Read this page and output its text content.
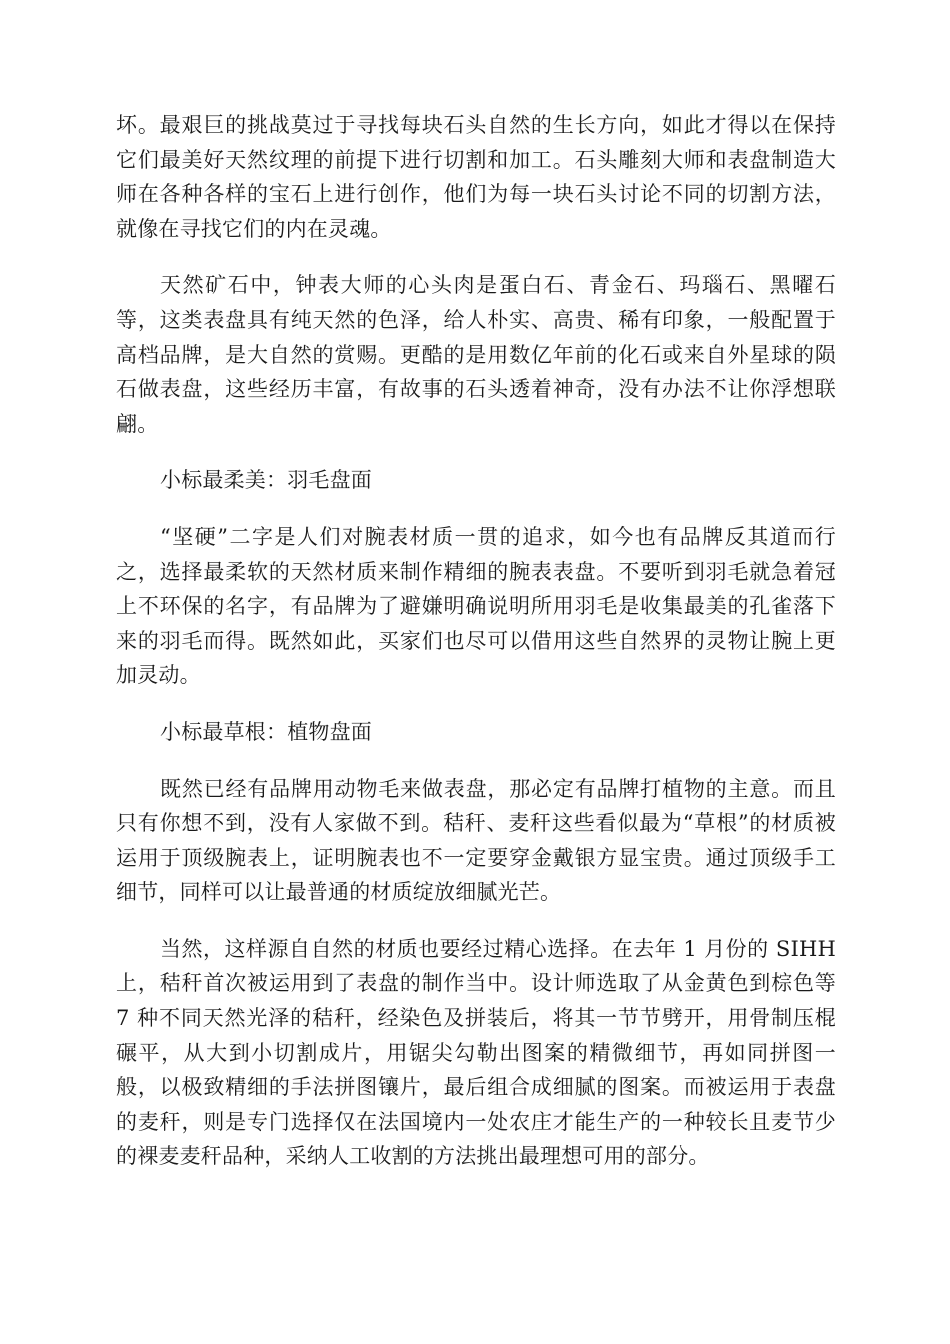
坏。最艰巨的挑战莫过于寻找每块石头自然的生长方向，如此才得以在保持它们最美好天然纹理的前提下进行切割和加工。石头雕刻大师和表盘制造大师在各种各样的宝石上进行创作，他们为每一块石头讨论不同的切割方法，就像在寻找它们的内在灵魂。

天然矿石中，钟表大师的心头肉是蛋白石、青金石、玛瑙石、黑曜石等，这类表盘具有纯天然的色泽，给人朴实、高贵、稀有印象，一般配置于高档品牌，是大自然的赏赐。更酷的是用数亿年前的化石或来自外星球的陨石做表盘，这些经历丰富，有故事的石头透着神奇，没有办法不让你浮想联翩。

小标最柔美：羽毛盘面

“坚硬”二字是人们对腕表材质一贯的追求，如今也有品牌反其道而行之，选择最柔软的天然材质来制作精细的腕表表盘。不要听到羽毛就急着冠上不环保的名字，有品牌为了避嫌明确说明所用羽毛是收集最美的孔雀落下来的羽毛而得。既然如此，买家们也尽可以借用这些自然界的灵物让腕上更加灵动。

小标最草根：植物盘面

既然已经有品牌用动物毛来做表盘，那必定有品牌打植物的主意。而且只有你想不到，没有人家做不到。秸秆、麦秆这些看似最为“草根”的材质被运用于顶级腕表上，证明腕表也不一定要穿金戴银方显宝贵。通过顶级手工细节，同样可以让最普通的材质绽放细腻光芒。

当然，这样源自自然的材质也要经过精心选择。在去年 1 月份的 SIHH 上，秸秆首次被运用到了表盘的制作当中。设计师选取了从金黄色到棕色等 7 种不同天然光泽的秸秆，经染色及拼装后，将其一节节劈开，用骨制压棍碾平，从大到小切割成片，用锯尖勾勒出图案的精微细节，再如同拼图一般，以极致精细的手法拼图镶片，最后组合成细腻的图案。而被运用于表盘的麦秆，则是专门选择仅在法国境内一处农庄才能生产的一种较长且麦节少的裸麦麦秆品种，采纳人工收割的方法挑出最理想可用的部分。
